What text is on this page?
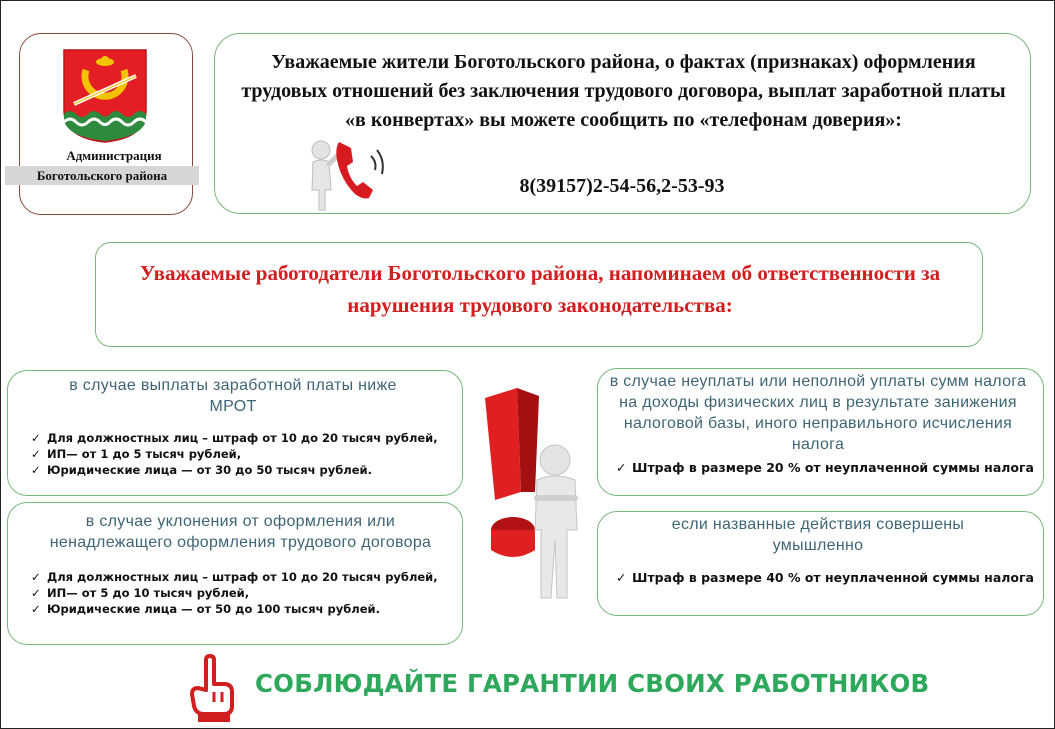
Администрация
Боготольского района
Уважаемые жители Боготольского района, о фактах (признаках) оформления трудовых отношений без заключения трудового договора, выплат заработной платы «в конвертах» вы можете сообщить по «телефонам доверия»:
8(39157)2-54-56,2-53-93
Уважаемые работодатели Боготольского района, напоминаем об ответственности за нарушения трудового законодательства:
в случае выплаты заработной платы ниже МРОТ
✓ Для должностных лиц – штраф от 10 до 20 тысяч рублей,
✓ ИП— от 1 до 5 тысяч рублей,
✓ Юридические лица — от 30 до 50 тысяч рублей.
в случае уклонения от оформления или ненадлежащего оформления трудового договора
✓ Для должностных лиц – штраф от 10 до 20 тысяч рублей,
✓ ИП— от 5 до 10 тысяч рублей,
✓ Юридические лица — от 50 до 100 тысяч рублей.
в случае неуплаты или неполной уплаты сумм налога на доходы физических лиц в результате занижения налоговой базы, иного неправильного исчисления налога
✓ Штраф в размере 20 % от неуплаченной суммы налога
если названные действия совершены умышленно
✓ Штраф в размере 40 % от неуплаченной суммы налога
СОБЛЮДАЙТЕ ГАРАНТИИ СВОИХ РАБОТНИКОВ
